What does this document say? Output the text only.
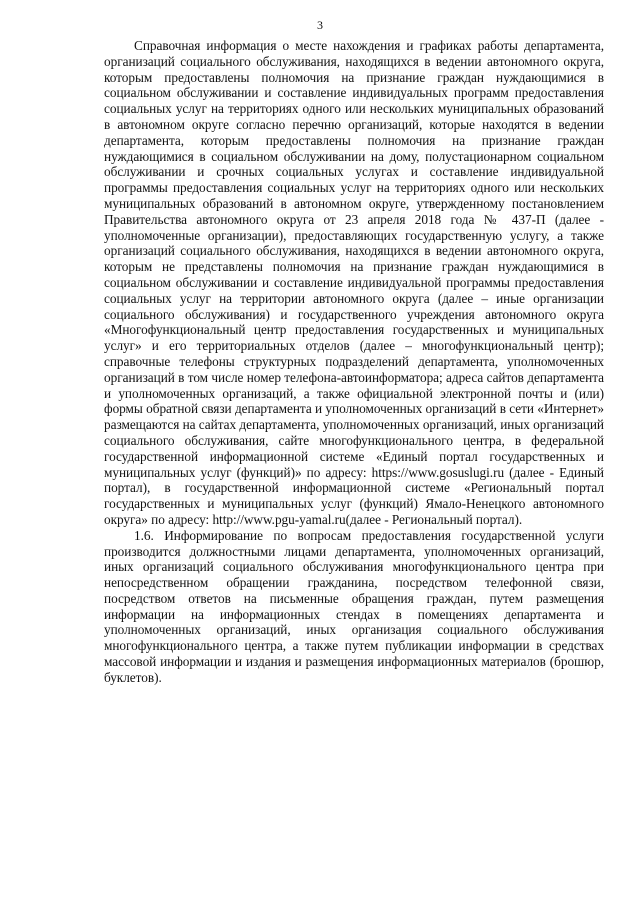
3

Справочная информация о месте нахождения и графиках работы департамента, организаций социального обслуживания, находящихся в ведении автономного округа, которым предоставлены полномочия на признание граждан нуждающимися в социальном обслуживании и составление индивидуальных программ предоставления социальных услуг на территориях одного или нескольких муниципальных образований в автономном округе согласно перечню организаций, которые находятся в ведении департамента, которым предоставлены полномочия на признание граждан нуждающимися в социальном обслуживании на дому, полустационарном социальном обслуживании и срочных социальных услугах и составление индивидуальной программы предоставления социальных услуг на территориях одного или нескольких муниципальных образований в автономном округе, утвержденному постановлением Правительства автономного округа от 23 апреля 2018 года № 437-П (далее - уполномоченные организации), предоставляющих государственную услугу, а также организаций социального обслуживания, находящихся в ведении автономного округа, которым не представлены полномочия на признание граждан нуждающимися в социальном обслуживании и составление индивидуальной программы предоставления социальных услуг на территории автономного округа (далее – иные организации социального обслуживания) и государственного учреждения автономного округа «Многофункциональный центр предоставления государственных и муниципальных услуг» и его территориальных отделов (далее – многофункциональный центр); справочные телефоны структурных подразделений департамента, уполномоченных организаций в том числе номер телефона-автоинформатора; адреса сайтов департамента и уполномоченных организаций, а также официальной электронной почты и (или) формы обратной связи департамента и уполномоченных организаций в сети «Интернет» размещаются на сайтах департамента, уполномоченных организаций, иных организаций социального обслуживания, сайте многофункционального центра, в федеральной государственной информационной системе «Единый портал государственных и муниципальных услуг (функций)» по адресу: https://www.gosuslugi.ru (далее - Единый портал), в государственной информационной системе «Региональный портал государственных и муниципальных услуг (функций) Ямало-Ненецкого автономного округа» по адресу: http://www.pgu-yamal.ru(далее - Региональный портал).

1.6. Информирование по вопросам предоставления государственной услуги производится должностными лицами департамента, уполномоченных организаций, иных организаций социального обслуживания многофункционального центра при непосредственном обращении гражданина, посредством телефонной связи, посредством ответов на письменные обращения граждан, путем размещения информации на информационных стендах в помещениях департамента и уполномоченных организаций, иных организация социального обслуживания многофункционального центра, а также путем публикации информации в средствах массовой информации и издания и размещения информационных материалов (брошюр, буклетов).
